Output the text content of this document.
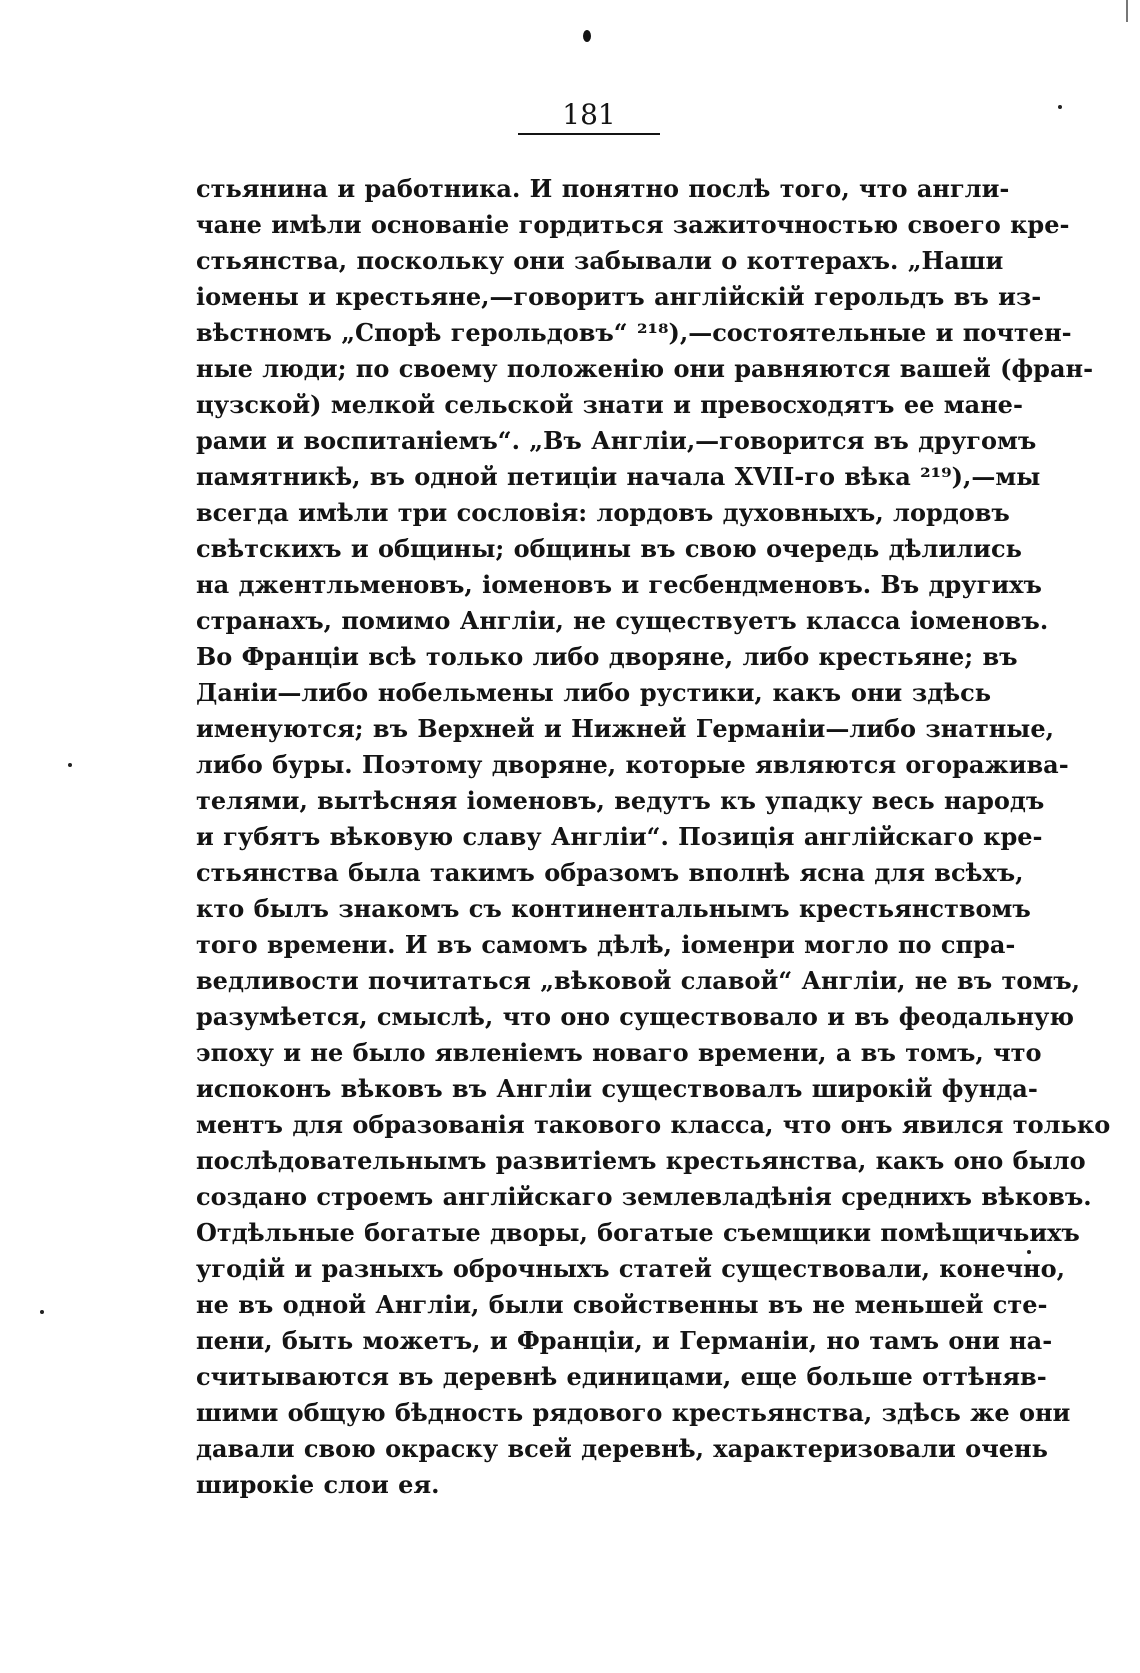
181
стьянина и работника. И понятно послѣ того, что англи-
чане имѣли основаніе гордиться зажиточностью своего кре-
стьянства, поскольку они забывали о коттерахъ. „Наши
іомены и крестьяне,—говоритъ англійскій герольдъ въ из-
вѣстномъ „Спорѣ герольдовъ“ ²¹⁸),—состоятельные и почтен-
ные люди; по своему положенію они равняются вашей (фран-
цузской) мелкой сельской знати и превосходятъ ее мане-
рами и воспитаніемъ“. „Въ Англіи,—говорится въ другомъ
памятникѣ, въ одной петиціи начала XVII-го вѣка ²¹⁹),—мы
всегда имѣли три сословія: лордовъ духовныхъ, лордовъ
свѣтскихъ и общины; общины въ свою очередь дѣлились
на джентльменовъ, іоменовъ и гесбендменовъ. Въ другихъ
странахъ, помимо Англіи, не существуетъ класса іоменовъ.
Во Франціи всѣ только либо дворяне, либо крестьяне; въ
Даніи—либо нобельмены либо рустики, какъ они здѣсь
именуются; въ Верхней и Нижней Германіи—либо знатные,
либо буры. Поэтому дворяне, которые являются огоражива-
телями, вытѣсняя іоменовъ, ведутъ къ упадку весь народъ
и губятъ вѣковую славу Англіи“. Позиція англійскаго кре-
стьянства была такимъ образомъ вполнѣ ясна для всѣхъ,
кто былъ знакомъ съ континентальнымъ крестьянствомъ
того времени. И въ самомъ дѣлѣ, іоменри могло по спра-
ведливости почитаться „вѣковой славой“ Англіи, не въ томъ,
разумѣется, смыслѣ, что оно существовало и въ феодальную
эпоху и не было явленіемъ новаго времени, а въ томъ, что
испоконъ вѣковъ въ Англіи существовалъ широкій фунда-
ментъ для образованія такового класса, что онъ явился только
послѣдовательнымъ развитіемъ крестьянства, какъ оно было
создано строемъ англійскаго землевладѣнія среднихъ вѣковъ.
Отдѣльные богатые дворы, богатые съемщики помѣщичьихъ
угодій и разныхъ оброчныхъ статей существовали, конечно,
не въ одной Англіи, были свойственны въ не меньшей сте-
пени, быть можетъ, и Франціи, и Германіи, но тамъ они на-
считываются въ деревнѣ единицами, еще больше оттѣняв-
шими общую бѣдность рядового крестьянства, здѣсь же они
давали свою окраску всей деревнѣ, характеризовали очень
широкіе слои ея.
